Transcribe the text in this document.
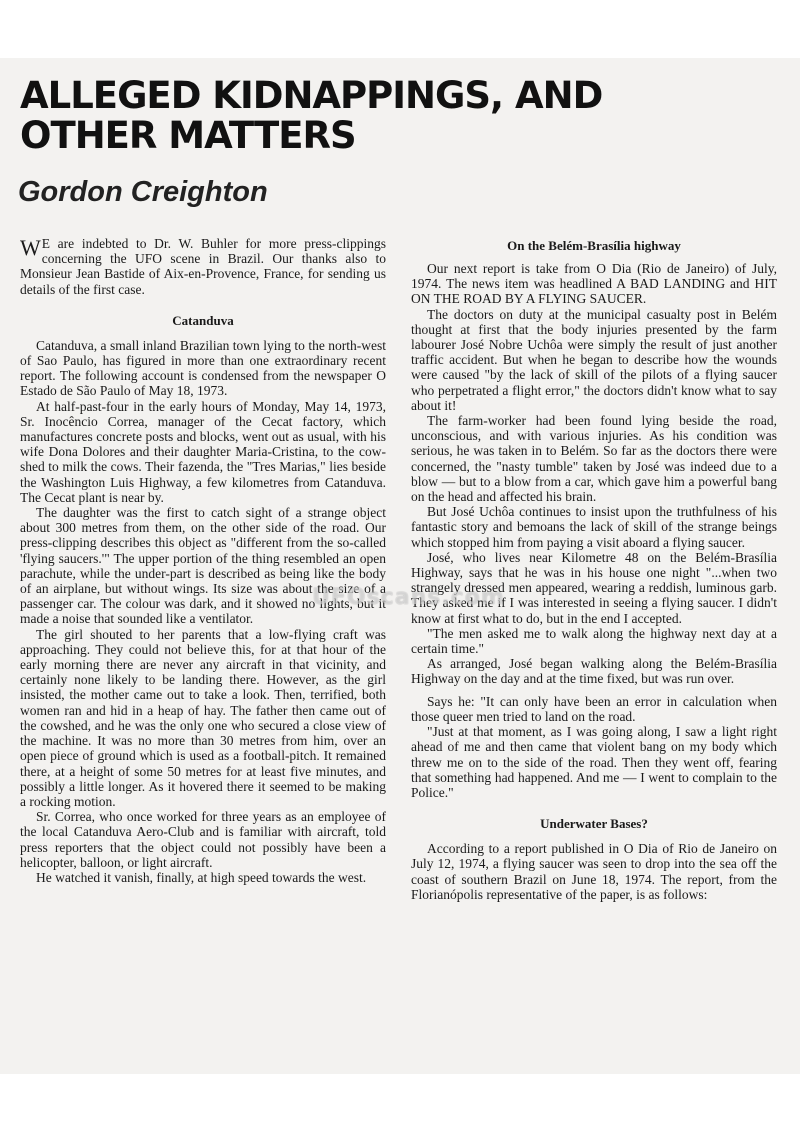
ALLEGED KIDNAPPINGS, AND OTHER MATTERS
Gordon Creighton

W E are indebted to Dr. W. Buhler for more press-clippings concerning the UFO scene in Brazil. Our thanks also to Monsieur Jean Bastide of Aix-en-Provence, France, for sending us details of the first case.

Catanduva

Catanduva, a small inland Brazilian town lying to the north-west of Sao Paulo, has figured in more than one extraordinary recent report. The following account is condensed from the newspaper O Estado de São Paulo of May 18, 1973.

At half-past-four in the early hours of Monday, May 14, 1973, Sr. Inocêncio Correa, manager of the Cecat factory, which manufactures concrete posts and blocks, went out as usual, with his wife Dona Dolores and their daughter Maria-Cristina, to the cow-shed to milk the cows. Their fazenda, the "Tres Marias," lies beside the Washington Luis Highway, a few kilometres from Catanduva. The Cecat plant is near by.

The daughter was the first to catch sight of a strange object about 300 metres from them, on the other side of the road. Our press-clipping describes this object as "different from the so-called 'flying saucers.'" The upper portion of the thing resembled an open parachute, while the under-part is described as being like the body of an airplane, but without wings. Its size was about the size of a passenger car. The colour was dark, and it showed no lights, but it made a noise that sounded like a ventilator.

The girl shouted to her parents that a low-flying craft was approaching. They could not believe this, for at that hour of the early morning there are never any aircraft in that vicinity, and certainly none likely to be landing there. However, as the girl insisted, the mother came out to take a look. Then, terrified, both women ran and hid in a heap of hay. The father then came out of the cowshed, and he was the only one who secured a close view of the machine. It was no more than 30 metres from him, over an open piece of ground which is used as a football-pitch. It remained there, at a height of some 50 metres for at least five minutes, and possibly a little longer. As it hovered there it seemed to be making a rocking motion.

Sr. Correa, who once worked for three years as an employee of the local Catanduva Aero-Club and is familiar with aircraft, told press reporters that the object could not possibly have been a helicopter, balloon, or light aircraft.

He watched it vanish, finally, at high speed towards the west.

On the Belém-Brasília highway

Our next report is take from O Dia (Rio de Janeiro) of July, 1974. The news item was headlined A BAD LANDING and HIT ON THE ROAD BY A FLYING SAUCER.

The doctors on duty at the municipal casualty post in Belém thought at first that the body injuries presented by the farm labourer José Nobre Uchôa were simply the result of just another traffic accident. But when he began to describe how the wounds were caused "by the lack of skill of the pilots of a flying saucer who perpetrated a flight error," the doctors didn't know what to say about it!

The farm-worker had been found lying beside the road, unconscious, and with various injuries. As his condition was serious, he was taken in to Belém. So far as the doctors there were concerned, the "nasty tumble" taken by José was indeed due to a blow — but to a blow from a car, which gave him a powerful bang on the head and affected his brain.

But José Uchôa continues to insist upon the truthfulness of his fantastic story and bemoans the lack of skill of the strange beings which stopped him from paying a visit aboard a flying saucer.

José, who lives near Kilometre 48 on the Belém-Brasília Highway, says that he was in his house one night "...when two strangely dressed men appeared, wearing a reddish, luminous garb. They asked me if I was interested in seeing a flying saucer. I didn't know at first what to do, but in the end I accepted.

"The men asked me to walk along the highway next day at a certain time."

As arranged, José began walking along the Belém-Brasília Highway on the day and at the time fixed, but was run over.

Says he: "It can only have been an error in calculation when those queer men tried to land on the road.

"Just at that moment, as I was going along, I saw a light right ahead of me and then came that violent bang on my body which threw me on to the side of the road. Then they went off, fearing that something had happened. And me — I went to complain to the Police."

Underwater Bases?

According to a report published in O Dia of Rio de Janeiro on July 12, 1974, a flying saucer was seen to drop into the sea off the coast of southern Brazil on June 18, 1974. The report, from the Florianópolis representative of the paper, is as follows:

UFOscans.com
